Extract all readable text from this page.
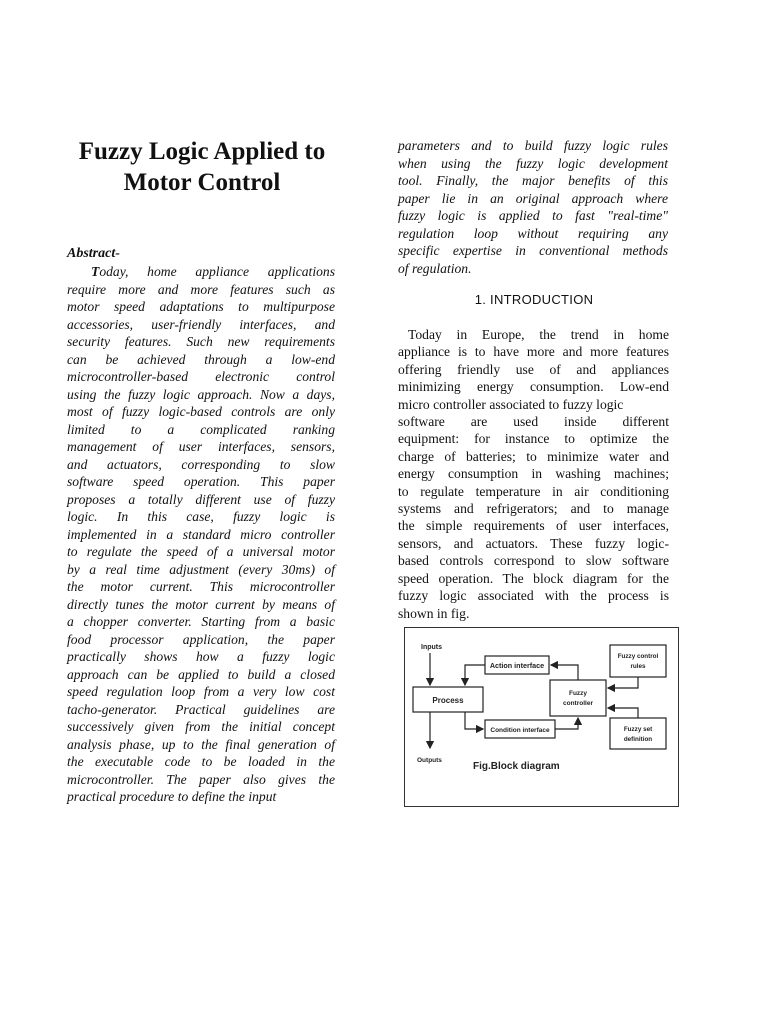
Fuzzy Logic Applied to
Motor Control
Abstract-

Today, home appliance applications

require more and more features such as

motor speed adaptations to multipurpose

accessories, user-friendly interfaces, and

security features. Such new requirements

can be achieved through a low-end

microcontroller-based electronic control

using the fuzzy logic approach. Now a days,

most of fuzzy logic-based controls are only

limited to a complicated ranking

management of user interfaces, sensors,

and actuators, corresponding to slow

software speed operation. This paper

proposes a totally different use of fuzzy

logic. In this case, fuzzy logic is

implemented in a standard micro controller

to regulate the speed of a universal motor

by a real time adjustment (every 30ms) of

the motor current. This microcontroller

directly tunes the motor current by means of

a chopper converter. Starting from a basic

food processor application, the paper

practically shows how a fuzzy logic

approach can be applied to build a closed

speed regulation loop from a very low cost

tacho-generator. Practical guidelines are

successively given from the initial concept

analysis phase, up to the final generation of

the executable code to be loaded in the

microcontroller. The paper also gives the

practical procedure to define the input

parameters and to build fuzzy logic rules

when using the fuzzy logic development

tool. Finally, the major benefits of this

paper lie in an original approach where

fuzzy logic is applied to fast "real-time"

regulation loop without requiring any

specific expertise in conventional methods

of regulation.

1. INTRODUCTION
Today in Europe, the trend in home
appliance is to have more and more features
offering friendly use of and appliances
minimizing energy consumption. Low-end
micro controller associated to fuzzy logic
software are used inside different
equipment: for instance to optimize the
charge of batteries; to minimize water and
energy consumption in washing machines;
to regulate temperature in air conditioning
systems and refrigerators; and to manage
the simple requirements of user interfaces,
sensors, and actuators. These fuzzy logic-
based controls correspond to slow software
speed operation. The block diagram for the
fuzzy logic associated with the process is
shown in fig.
Inputs
Process
Outputs
Action interface
Condition interface
Fuzzy
controller
Fuzzy control
rules
Fuzzy set
definition
Fig.Block diagram
